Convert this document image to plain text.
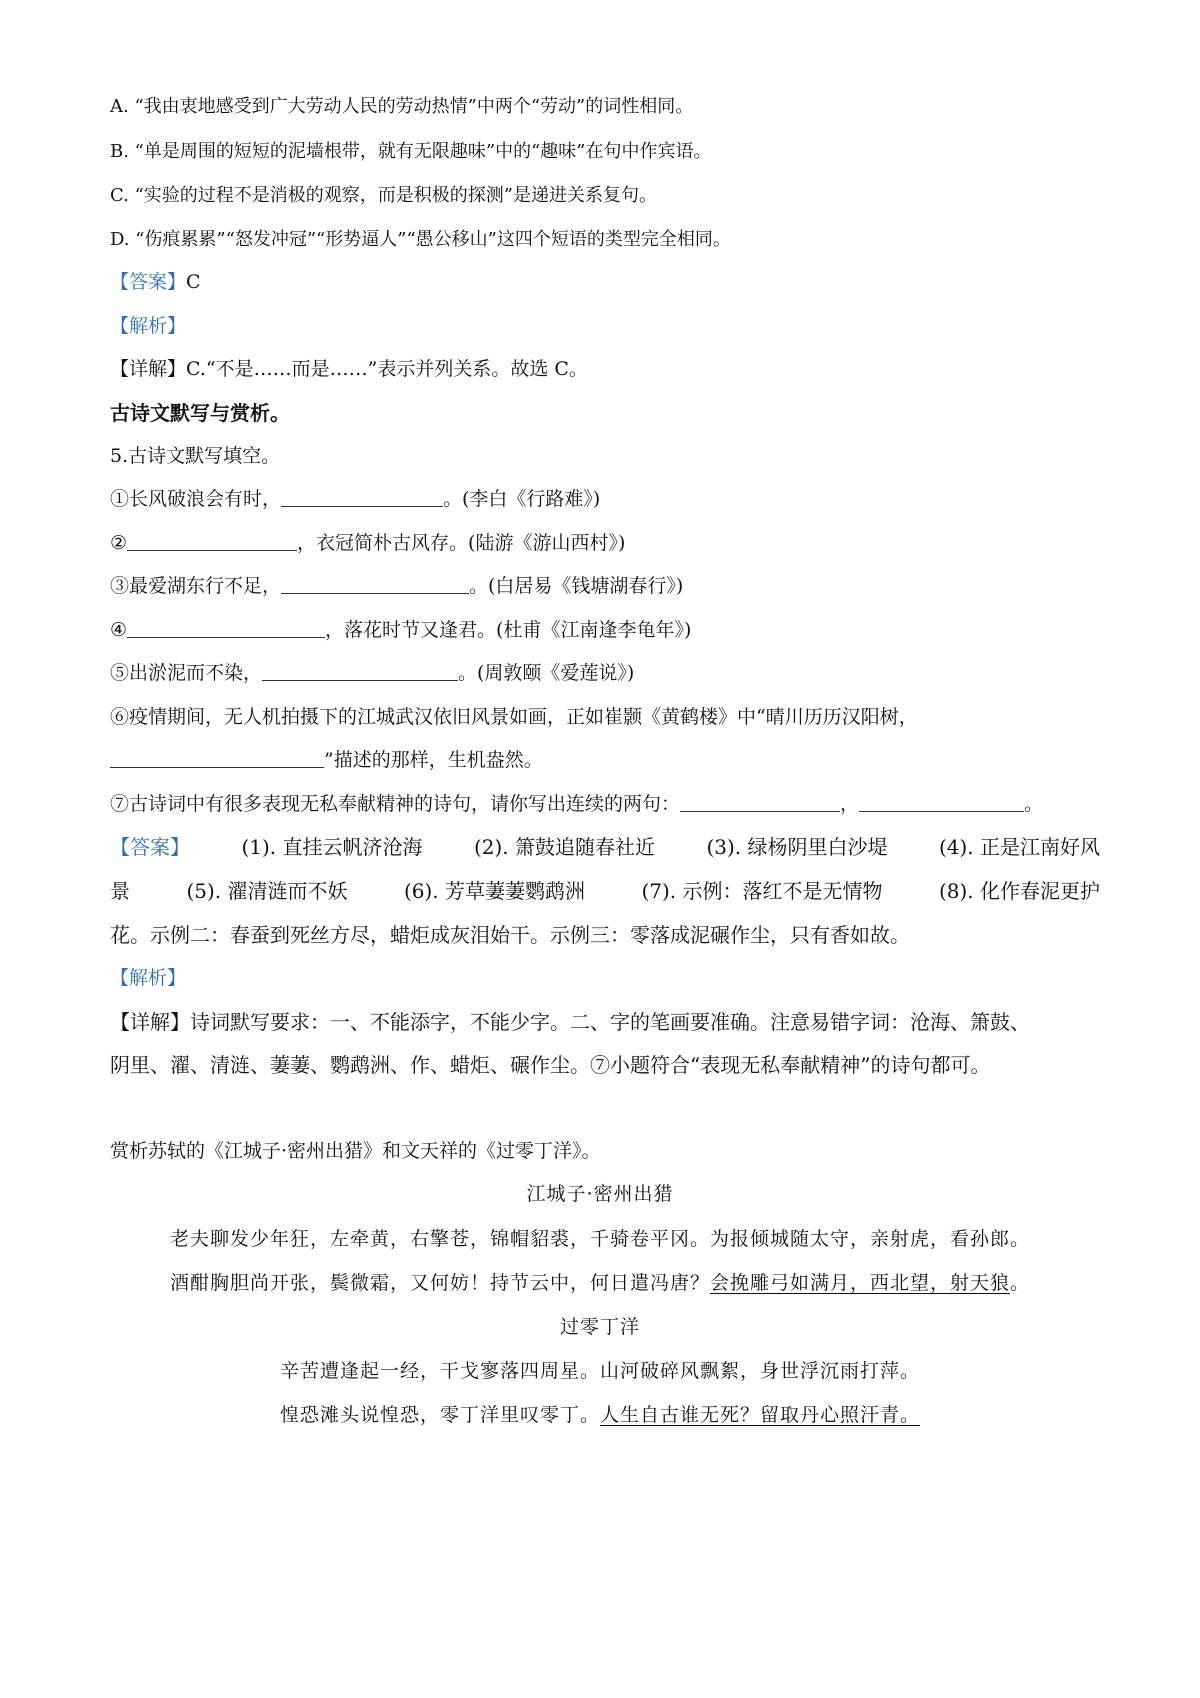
A. “我由衷地感受到广大劳动人民的劳动热情”中两个“劳动”的词性相同。
B. “单是周围的短短的泥墙根带，就有无限趣味”中的“趣味”在句中作宾语。
C. “实验的过程不是消极的观察，而是积极的探测”是递进关系复句。
D. “伤痕累累”“怒发冲冠”“形势逼人”“愚公移山”这四个短语的类型完全相同。
【答案】C
【解析】
【详解】C.“不是……而是……”表示并列关系。故选 C。
古诗文默写与赏析。
5.古诗文默写填空。
①长风破浪会有时，	。(李白《行路难》)
②	，衣冠简朴古风存。(陆游《游山西村》)
③最爱湖东行不足，	。(白居易《钱塘湖春行》)
④	，落花时节又逢君。(杜甫《江南逢李龟年》)
⑤出淤泥而不染，	。(周敦颐《爱莲说》)
⑥疫情期间，无人机拍摄下的江城武汉依旧风景如画，正如崔颢《黄鹤楼》中“晴川历历汉阳树，
”描述的那样，生机盎然。
⑦古诗词中有很多表现无私奉献精神的诗句，请你写出连续的两句：	，	。
【答案】	(1). 直挂云帆济沧海	(2). 箫鼓追随春社近	(3). 绿杨阴里白沙堤	(4). 正是江南好风
景	(5). 濯清涟而不妖	(6). 芳草萋萋鹦鹉洲	(7). 示例：落红不是无情物	(8). 化作春泥更护
花。示例二：春蚕到死丝方尽，蜡炬成灰泪始干。示例三：零落成泥碾作尘，只有香如故。
【解析】
【详解】诗词默写要求：一、不能添字，不能少字。二、字的笔画要准确。注意易错字词：沧海、箫鼓、
阴里、濯、清涟、萋萋、鹦鹉洲、作、蜡炬、碾作尘。⑦小题符合“表现无私奉献精神”的诗句都可。
赏析苏轼的《江城子·密州出猎》和文天祥的《过零丁洋》。
江城子·密州出猎
老夫聊发少年狂，左牵黄，右擎苍，锦帽貂裘，千骑卷平冈。为报倾城随太守，亲射虎，看孙郎。
酒酣胸胆尚开张，鬓微霜，又何妨！持节云中，何日遣冯唐？会挽雕弓如满月，西北望，射天狼。
过零丁洋
辛苦遭逢起一经，干戈寥落四周星。山河破碎风飘絮，身世浮沉雨打萍。
惶恐滩头说惶恐，零丁洋里叹零丁。人生自古谁无死？留取丹心照汗青。
